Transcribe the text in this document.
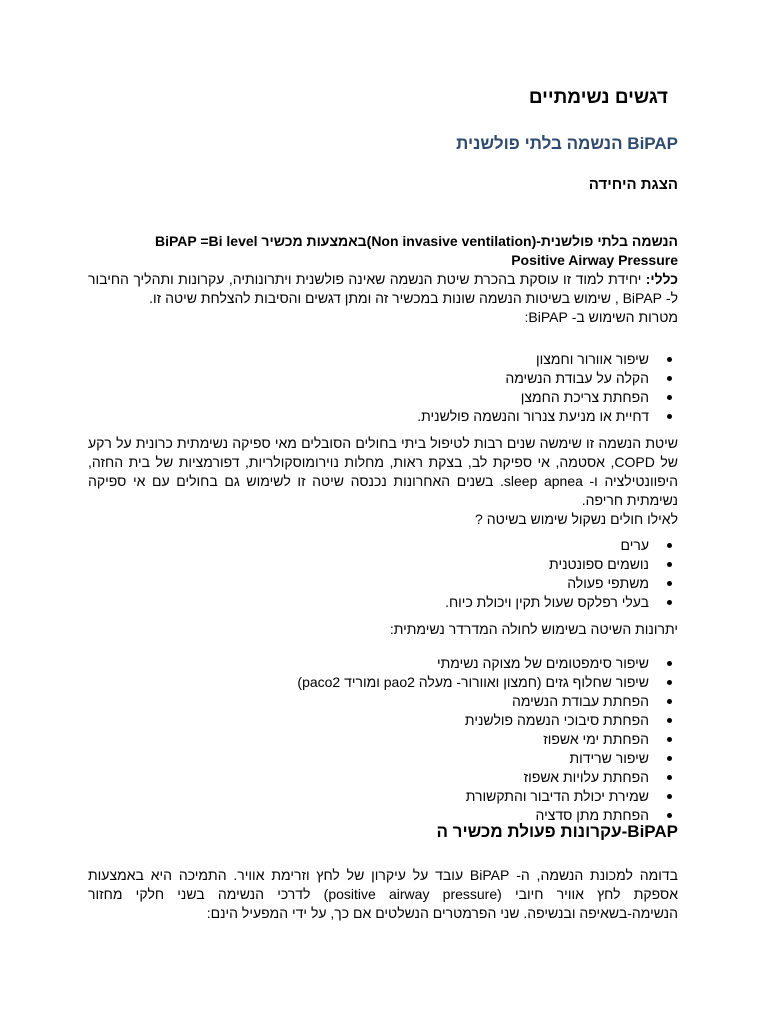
דגשים נשימתיים
BiPAP הנשמה בלתי פולשנית
הצגת היחידה

הנשמה בלתי פולשנית-(Non invasive ventilation)באמצעות מכשיר BiPAP =Bi level

Positive Airway Pressure

כללי: יחידת למוד זו עוסקת בהכרת שיטת הנשמה שאינה פולשנית ויתרונותיה, עקרונות ותהליך החיבור ל- BiPAP , שימוש בשיטות הנשמה שונות במכשיר זה ומתן דגשים והסיבות להצלחת שיטה זו.

מטרות השימוש ב- BiPAP:

שיפור אוורור וחמצון
הקלה על עבודת הנשימה
הפחתת צריכת החמצן
דחיית או מניעת צנרור והנשמה פולשנית.

שיטת הנשמה זו שימשה שנים רבות לטיפול ביתי בחולים הסובלים מאי ספיקה נשימתית כרונית על רקע של COPD, אסטמה, אי ספיקת לב, בצקת ראות, מחלות נוירומוסקולריות, דפורמציות של בית החזה, היפוונטילציה ו- sleep apnea. בשנים האחרונות נכנסה שיטה זו לשימוש גם בחולים עם אי ספיקה נשימתית חריפה.

לאילו חולים נשקול שימוש בשיטה ?

ערים
נושמים ספונטנית
משתפי פעולה
בעלי רפלקס שעול תקין ויכולת כיוח.

יתרונות השיטה בשימוש לחולה המדרדר נשימתית:

שיפור סימפטומים של מצוקה נשימתי
שיפור שחלוף גזים (חמצון ואוורור- מעלה pao2 ומוריד paco2)
הפחתת עבודת הנשימה
הפחתת סיבוכי הנשמה פולשנית
הפחתת ימי אשפוז
שיפור שרידות
הפחתת עלויות אשפוז
שמירת יכולת הדיבור והתקשורת
הפחתת מתן סדציה
BiPAP-עקרונות פעולת מכשיר ה

בדומה למכונת הנשמה, ה- BiPAP עובד על עיקרון של לחץ וזרימת אוויר. התמיכה היא באמצעות אספקת לחץ אוויר חיובי (positive airway pressure) לדרכי הנשימה בשני חלקי מחזור הנשימה-בשאיפה ובנשיפה. שני הפרמטרים הנשלטים אם כך, על ידי המפעיל הינם:
